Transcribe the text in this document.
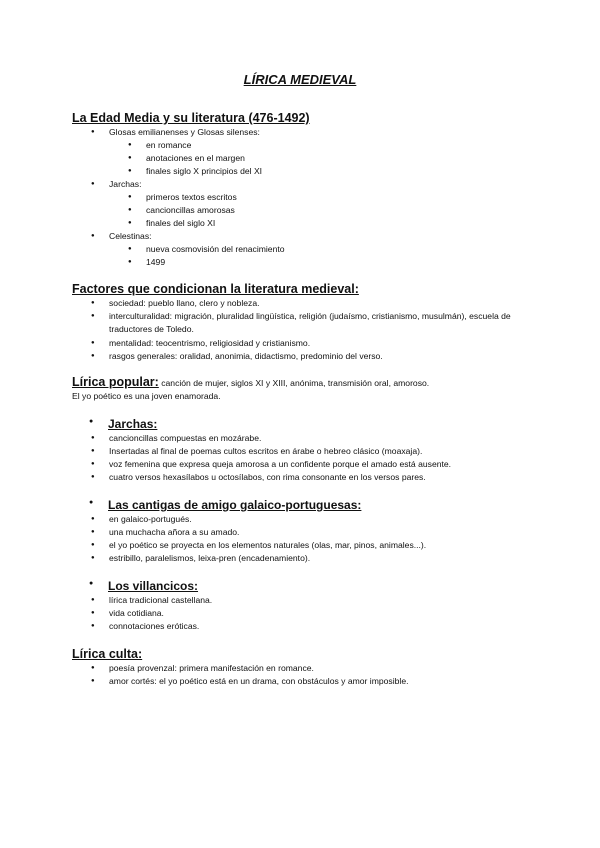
LÍRICA MEDIEVAL
La Edad Media y su literatura (476-1492)
● Glosas emilianenses y Glosas silenses:
● en romance
● anotaciones en el margen
● finales siglo X principios del XI
● Jarchas:
● primeros textos escritos
● cancioncillas amorosas
● finales del siglo XI
● Celestinas:
● nueva cosmovisión del renacimiento
● 1499
Factores que condicionan la literatura medieval:
● sociedad: pueblo llano, clero y nobleza.
● interculturalidad: migración, pluralidad lingüística, religión (judaísmo, cristianismo, musulmán), escuela de traductores de Toledo.
● mentalidad: teocentrismo, religiosidad y cristianismo.
● rasgos generales: oralidad, anonimia, didactismo, predominio del verso.
Lírica popular: canción de mujer, siglos XI y XIII, anónima, transmisión oral, amoroso.
El yo poético es una joven enamorada.
● Jarchas:
● cancioncillas compuestas en mozárabe.
● Insertadas al final de poemas cultos escritos en árabe o hebreo clásico (moaxaja).
● voz femenina que expresa queja amorosa a un confidente porque el amado está ausente.
● cuatro versos hexasílabos u octosílabos, con rima consonante en los versos pares.
● Las cantigas de amigo galaico-portuguesas:
● en galaico-portugués.
● una muchacha añora a su amado.
● el yo poético se proyecta en los elementos naturales (olas, mar, pinos, animales...).
● estribillo, paralelismos, leixa-pren (encadenamiento).
● Los villancicos:
● lírica tradicional castellana.
● vida cotidiana.
● connotaciones eróticas.
Lírica culta:
● poesía provenzal: primera manifestación en romance.
● amor cortés: el yo poético está en un drama, con obstáculos y amor imposible.
